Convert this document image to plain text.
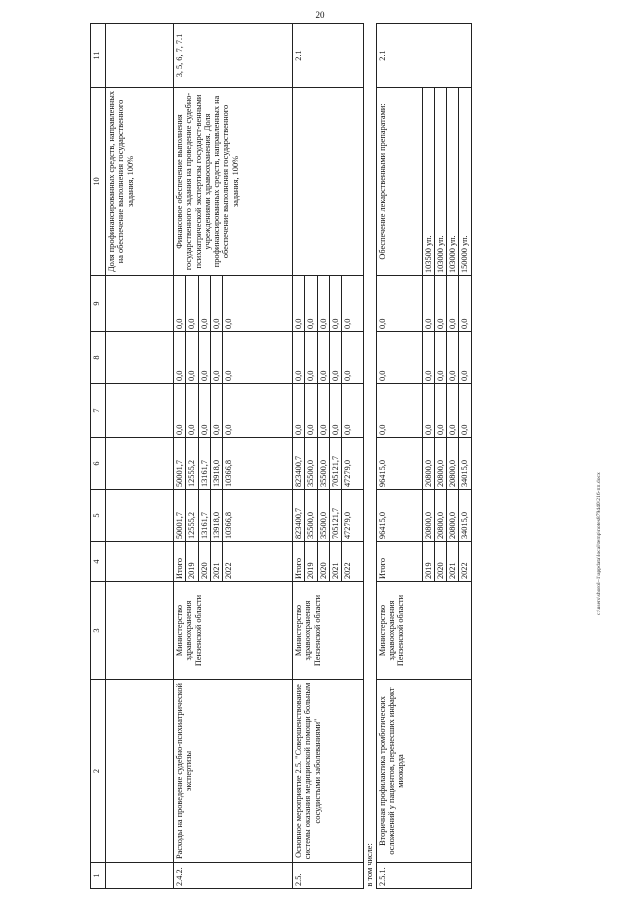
20
1	2	3	4	5	6	7	8	9	10	11
									Доля профинансированных средств, направленных на обеспечение выполнения государственного задания, 100%	
2.4.2.	Расходы на проведение судебно-психиатрической экспертизы	Министерство здравоохранения Пензенской области	Итого	50001,7	50001,7	0,0	0,0	0,0	Финансовое обеспечение выполнения государственного задания на проведение судебно-психиатрической экспертизы государст-венными учреждениями здравоохранения. Доля профинансированных средств, направленных на обеспечение выполнения государственного задания, 100%	3, 5, 6, 7, 7.1
			2019	12555,2	12555,2	0,0	0,0	0,0		
			2020	13161,7	13161,7	0,0	0,0	0,0		
			2021	13918,0	13918,0	0,0	0,0	0,0		
			2022	10366,8	10366,8	0,0	0,0	0,0		
2.5.	Основное мероприятие 2.5. "Совершенствование системы оказания медицинской помощи больным сосудистыми заболеваниями"	Министерство здравоохранения Пензенской области	Итого	823400,7	823400,7	0,0	0,0	0,0		2.1
			2019	35500,0	35500,0	0,0	0,0	0,0		
			2020	35500,0	35500,0	0,0	0,0	0,0		
			2021	705121,7	705121,7	0,0	0,0	0,0		
			2022	47279,0	47279,0	0,0	0,0	0,0		
в том числе:										
2.5.1.	Вторичная профилактика тромботических осложнений у пациентов, перенесших инфаркт миокарда	Министерство здравоохранения Пензенской области	Итого	96415,0	96415,0	0,0	0,0	0,0	Обеспечение лекарственными препаратами:	2.1
			2019	20800,0	20800,0	0,0	0,0	0,0	103500 уп.	
			2020	20800,0	20800,0	0,0	0,0	0,0	103000 уп.	
			2021	20800,0	20800,0	0,0	0,0	0,0	103000 уп.	
			2022	34015,0	34015,0	0,0	0,0	0,0	150000 уп.	
c:\users\shorol~1\appdata\local\temp\notes879440\216-пп.docx
